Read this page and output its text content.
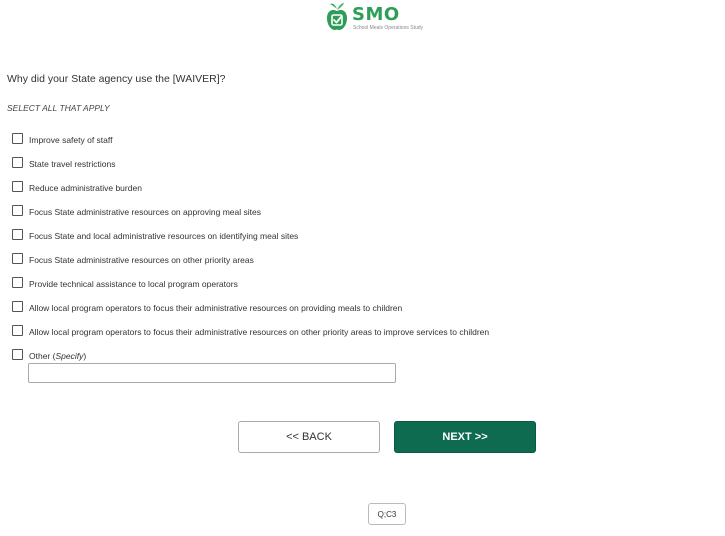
SMO
School Meals Operations Study
Why did your State agency use the [WAIVER]?
SELECT ALL THAT APPLY
Improve safety of staff
State travel restrictions
Reduce administrative burden
Focus State administrative resources on approving meal sites
Focus State and local administrative resources on identifying meal sites
Focus State administrative resources on other priority areas
Provide technical assistance to local program operators
Allow local program operators to focus their administrative resources on providing meals to children
Allow local program operators to focus their administrative resources on other priority areas to improve services to children
Other (Specify)
<< BACK	NEXT >>
Q;C3
